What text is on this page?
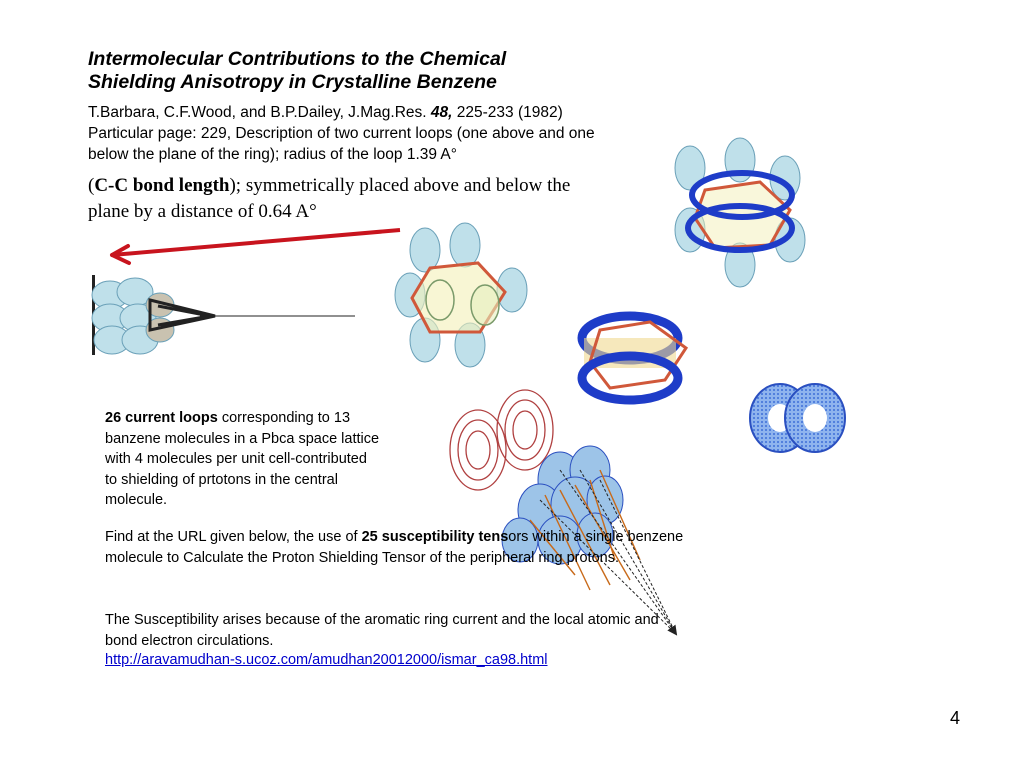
Intermolecular Contributions to the Chemical
Shielding Anisotropy in Crystalline Benzene
T.Barbara, C.F.Wood, and B.P.Dailey, J.Mag.Res. 48, 225-233 (1982)
Particular page: 229, Description of two current loops (one above and one
below the plane of the ring); radius of the loop 1.39 A°
(C-C bond length); symmetrically placed above and below the
plane by a distance of 0.64 A°
26 current loops corresponding to 13 banzene molecules in a Pbca space lattice with 4 molecules per unit cell-contributed to shielding of prtotons in the central molecule.
Find at the URL given below, the use of 25 susceptibility tensors within a single benzene molecule to Calculate the Proton Shielding Tensor of the peripheral ring protons.
The Susceptibility arises because of the aromatic ring current and the local atomic and bond electron circulations.
http://aravamudhan-s.ucoz.com/amudhan20012000/ismar_ca98.html
4
